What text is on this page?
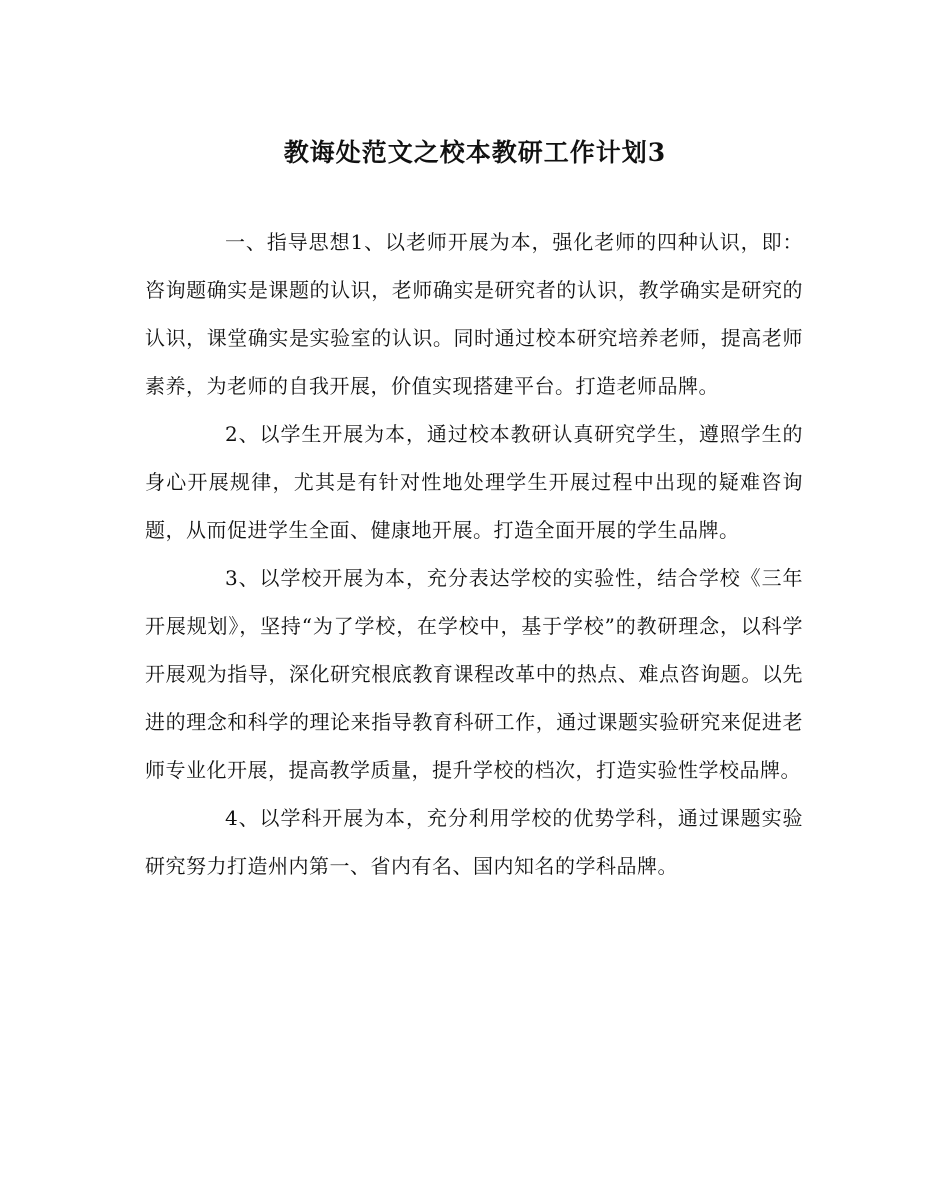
教诲处范文之校本教研工作计划3

一、指导思想1、以老师开展为本，强化老师的四种认识，即：咨询题确实是课题的认识，老师确实是研究者的认识，教学确实是研究的认识，课堂确实是实验室的认识。同时通过校本研究培养老师，提高老师素养，为老师的自我开展，价值实现搭建平台。打造老师品牌。

2、以学生开展为本，通过校本教研认真研究学生，遵照学生的身心开展规律，尤其是有针对性地处理学生开展过程中出现的疑难咨询题，从而促进学生全面、健康地开展。打造全面开展的学生品牌。

3、以学校开展为本，充分表达学校的实验性，结合学校《三年开展规划》，坚持“为了学校，在学校中，基于学校”的教研理念，以科学开展观为指导，深化研究根底教育课程改革中的热点、难点咨询题。以先进的理念和科学的理论来指导教育科研工作，通过课题实验研究来促进老师专业化开展，提高教学质量，提升学校的档次，打造实验性学校品牌。

4、以学科开展为本，充分利用学校的优势学科，通过课题实验研究努力打造州内第一、省内有名、国内知名的学科品牌。
